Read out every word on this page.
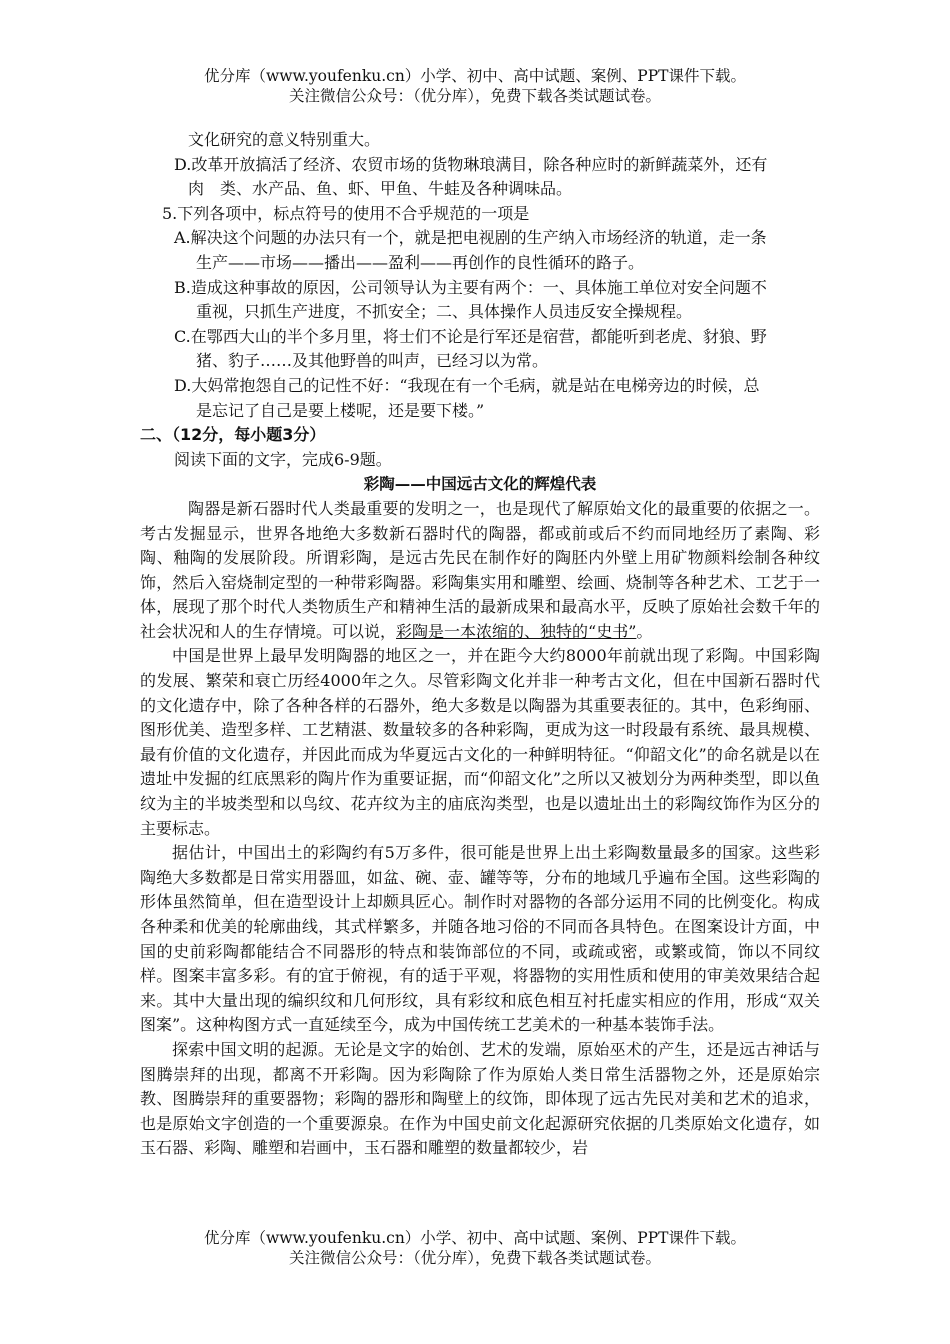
优分库（www.youfenku.cn）小学、初中、高中试题、案例、PPT课件下载。
关注微信公众号：（优分库），免费下载各类试题试卷。
文化研究的意义特别重大。
D.改革开放搞活了经济、农贸市场的货物琳琅满目，除各种应时的新鲜蔬菜外，还有
肉　类、水产品、鱼、虾、甲鱼、牛蛙及各种调味品。
5.下列各项中，标点符号的使用不合乎规范的一项是
A.解决这个问题的办法只有一个，就是把电视剧的生产纳入市场经济的轨道，走一条
生产——市场——播出——盈利——再创作的良性循环的路子。
B.造成这种事故的原因，公司领导认为主要有两个：一、具体施工单位对安全问题不
重视，只抓生产进度，不抓安全；二、具体操作人员违反安全操规程。
C.在鄂西大山的半个多月里，将士们不论是行军还是宿营，都能听到老虎、豺狼、野
猪、豹子……及其他野兽的叫声，已经习以为常。
D.大妈常抱怨自己的记性不好：“我现在有一个毛病，就是站在电梯旁边的时候，总
是忘记了自己是要上楼呢，还是要下楼。”
二、（12分，每小题3分）
阅读下面的文字，完成6-9题。
彩陶——中国远古文化的辉煌代表

陶器是新石器时代人类最重要的发明之一，也是现代了解原始文化的最重要的依据之一。考古发掘显示，世界各地绝大多数新石器时代的陶器，都或前或后不约而同地经历了素陶、彩陶、釉陶的发展阶段。所谓彩陶，是远古先民在制作好的陶胚内外壁上用矿物颜料绘制各种纹饰，然后入窑烧制定型的一种带彩陶器。彩陶集实用和雕塑、绘画、烧制等各种艺术、工艺于一体，展现了那个时代人类物质生产和精神生活的最新成果和最高水平，反映了原始社会数千年的社会状况和人的生存情境。可以说，彩陶是一本浓缩的、独特的“史书”。

中国是世界上最早发明陶器的地区之一，并在距今大约8000年前就出现了彩陶。中国彩陶的发展、繁荣和衰亡历经4000年之久。尽管彩陶文化并非一种考古文化，但在中国新石器时代的文化遗存中，除了各种各样的石器外，绝大多数是以陶器为其重要表征的。其中，色彩绚丽、图形优美、造型多样、工艺精湛、数量较多的各种彩陶，更成为这一时段最有系统、最具规模、最有价值的文化遗存，并因此而成为华夏远古文化的一种鲜明特征。“仰韶文化”的命名就是以在遗址中发掘的红底黑彩的陶片作为重要证据，而“仰韶文化”之所以又被划分为两种类型，即以鱼纹为主的半坡类型和以鸟纹、花卉纹为主的庙底沟类型，也是以遗址出土的彩陶纹饰作为区分的主要标志。

据估计，中国出土的彩陶约有5万多件，很可能是世界上出土彩陶数量最多的国家。这些彩陶绝大多数都是日常实用器皿，如盆、碗、壶、罐等等，分布的地域几乎遍布全国。这些彩陶的形体虽然简单，但在造型设计上却颇具匠心。制作时对器物的各部分运用不同的比例变化。构成各种柔和优美的轮廓曲线，其式样繁多，并随各地习俗的不同而各具特色。在图案设计方面，中国的史前彩陶都能结合不同器形的特点和装饰部位的不同，或疏或密，或繁或简，饰以不同纹样。图案丰富多彩。有的宜于俯视，有的适于平观，将器物的实用性质和使用的审美效果结合起来。其中大量出现的编织纹和几何形纹，具有彩纹和底色相互衬托虚实相应的作用，形成“双关图案”。这种构图方式一直延续至今，成为中国传统工艺美术的一种基本装饰手法。

探索中国文明的起源。无论是文字的始创、艺术的发端，原始巫术的产生，还是远古神话与图腾崇拜的出现，都离不开彩陶。因为彩陶除了作为原始人类日常生活器物之外，还是原始宗教、图腾崇拜的重要器物；彩陶的器形和陶壁上的纹饰，即体现了远古先民对美和艺术的追求，也是原始文字创造的一个重要源泉。在作为中国史前文化起源研究依据的几类原始文化遗存，如玉石器、彩陶、雕塑和岩画中，玉石器和雕塑的数量都较少，岩

优分库（www.youfenku.cn）小学、初中、高中试题、案例、PPT课件下载。
关注微信公众号：（优分库），免费下载各类试题试卷。
